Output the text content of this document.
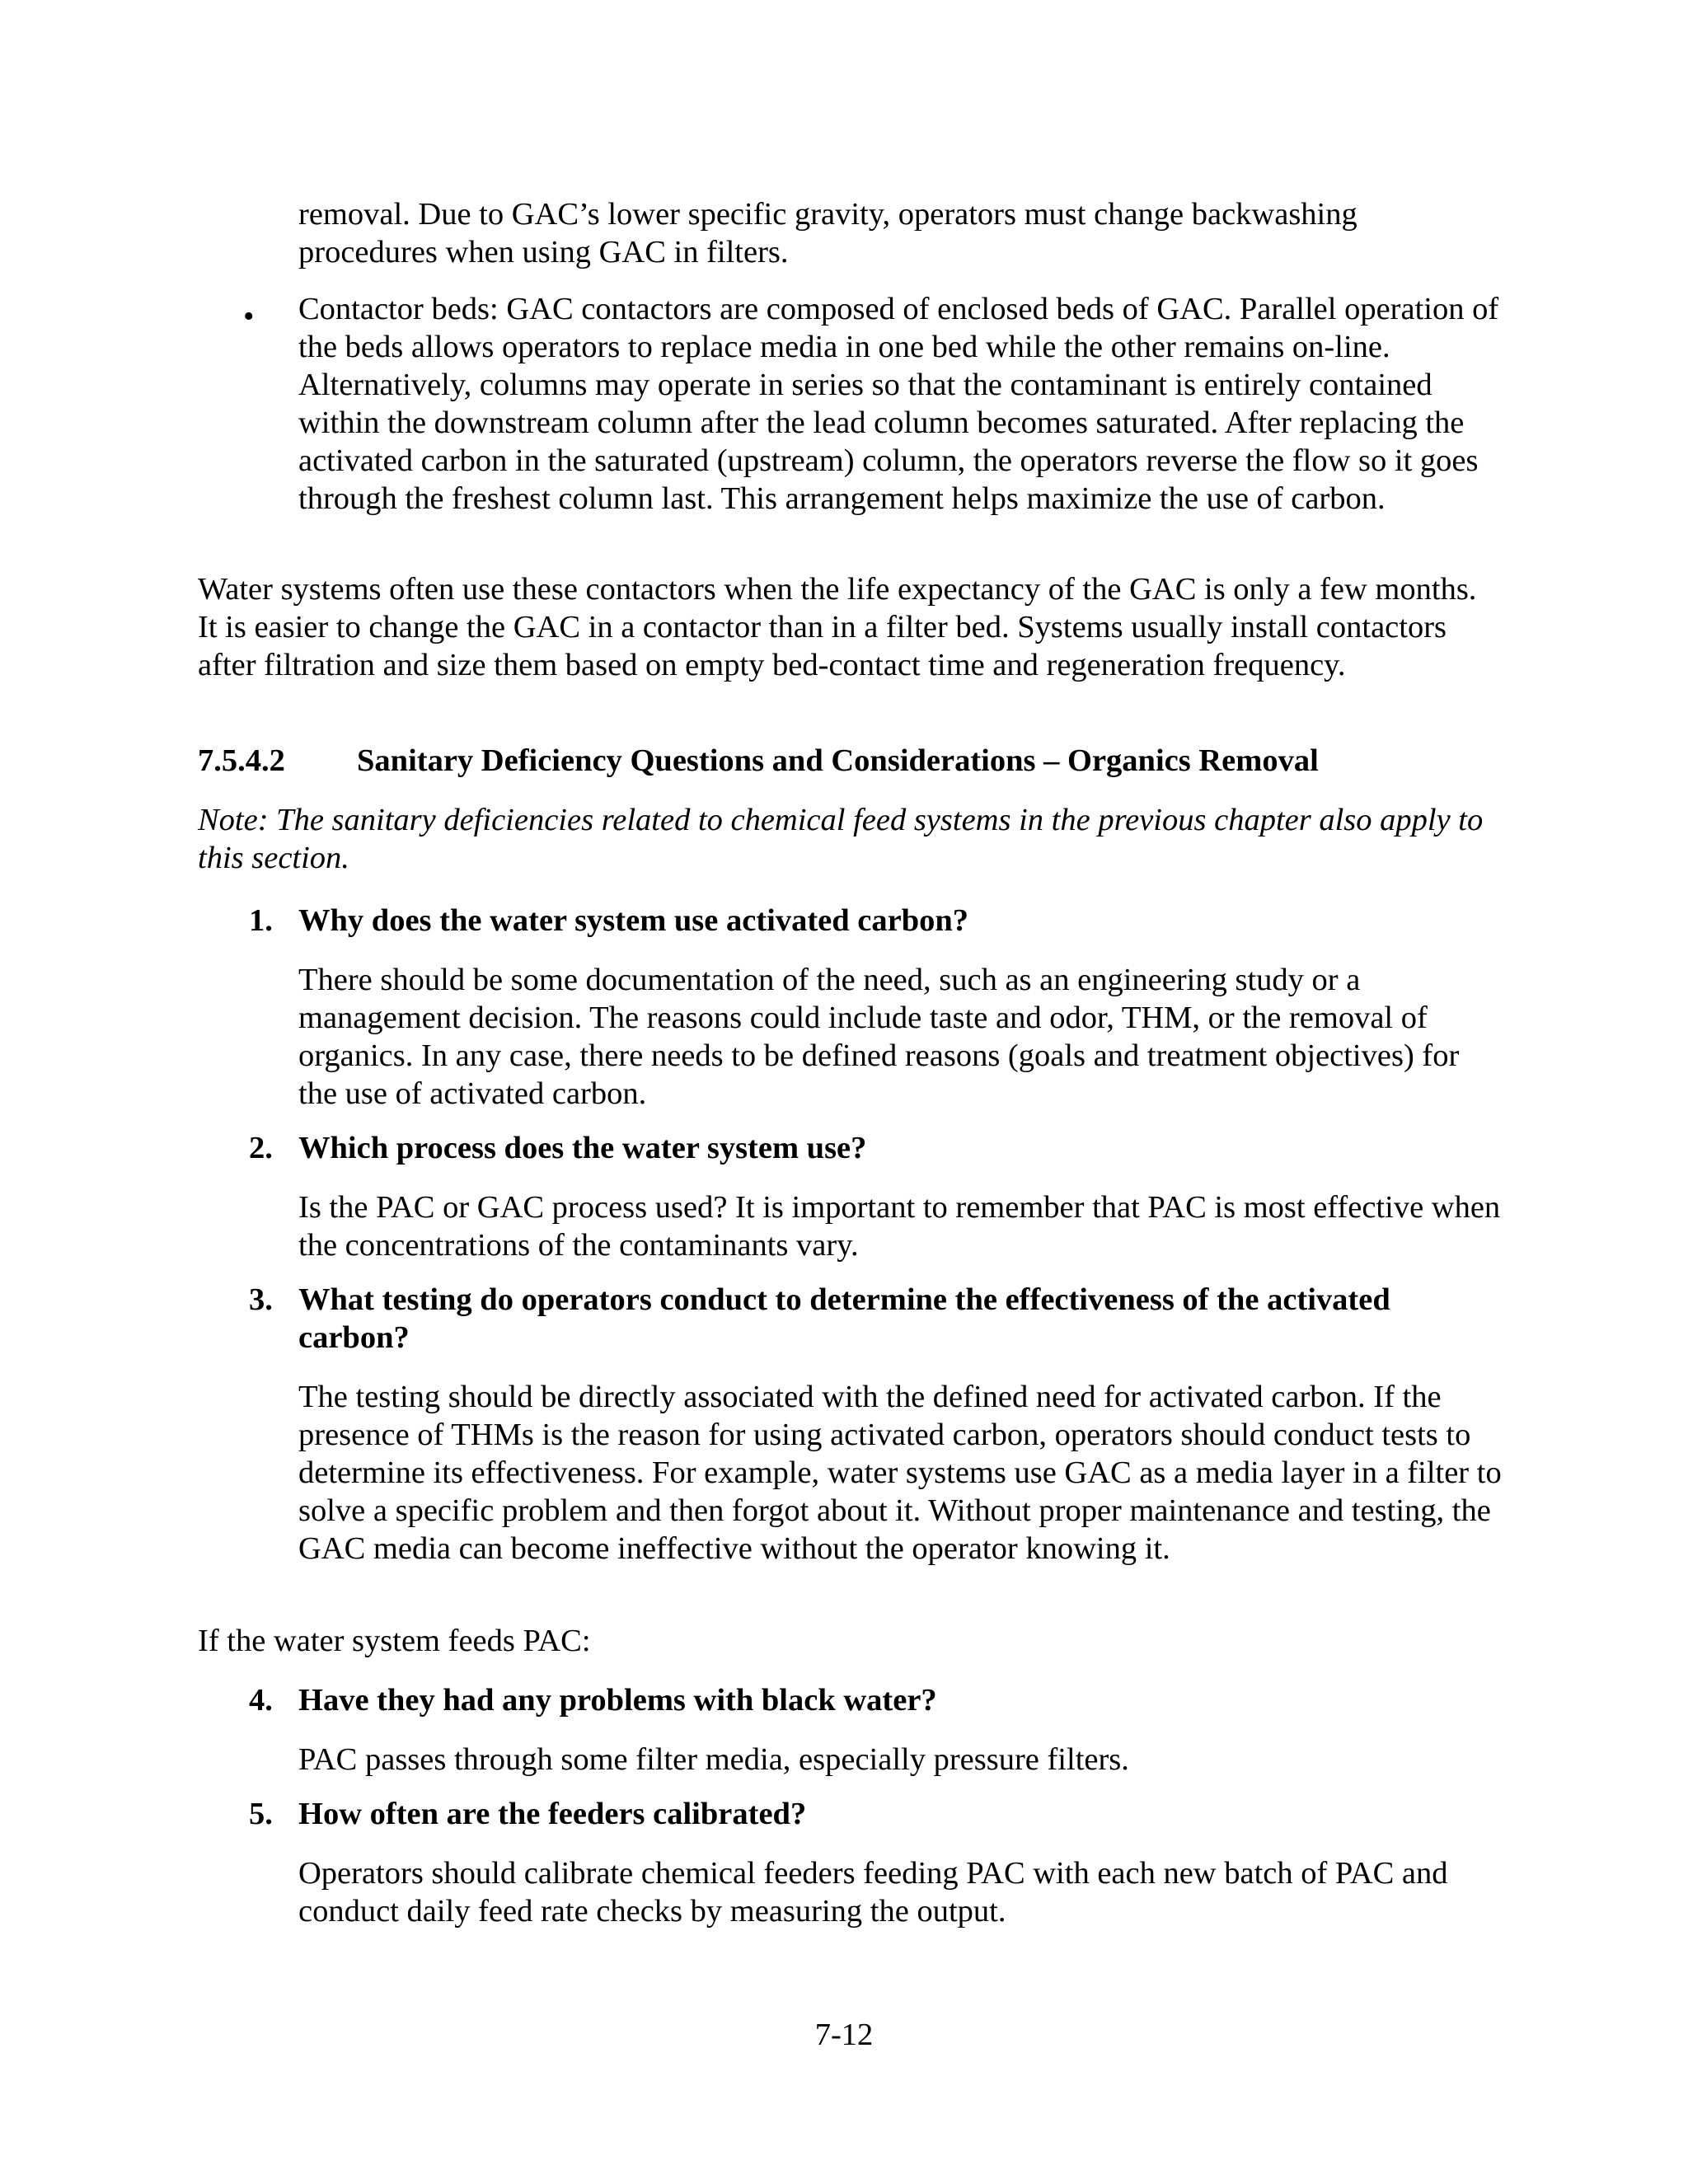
removal. Due to GAC’s lower specific gravity, operators must change backwashing procedures when using GAC in filters.

• Contactor beds: GAC contactors are composed of enclosed beds of GAC. Parallel operation of the beds allows operators to replace media in one bed while the other remains on-line. Alternatively, columns may operate in series so that the contaminant is entirely contained within the downstream column after the lead column becomes saturated. After replacing the activated carbon in the saturated (upstream) column, the operators reverse the flow so it goes through the freshest column last. This arrangement helps maximize the use of carbon.

Water systems often use these contactors when the life expectancy of the GAC is only a few months. It is easier to change the GAC in a contactor than in a filter bed. Systems usually install contactors after filtration and size them based on empty bed-contact time and regeneration frequency.

7.5.4.2 Sanitary Deficiency Questions and Considerations – Organics Removal

Note: The sanitary deficiencies related to chemical feed systems in the previous chapter also apply to this section.

1. Why does the water system use activated carbon?

There should be some documentation of the need, such as an engineering study or a management decision. The reasons could include taste and odor, THM, or the removal of organics. In any case, there needs to be defined reasons (goals and treatment objectives) for the use of activated carbon.

2. Which process does the water system use?

Is the PAC or GAC process used? It is important to remember that PAC is most effective when the concentrations of the contaminants vary.

3. What testing do operators conduct to determine the effectiveness of the activated carbon?

The testing should be directly associated with the defined need for activated carbon. If the presence of THMs is the reason for using activated carbon, operators should conduct tests to determine its effectiveness. For example, water systems use GAC as a media layer in a filter to solve a specific problem and then forgot about it. Without proper maintenance and testing, the GAC media can become ineffective without the operator knowing it.

If the water system feeds PAC:

4. Have they had any problems with black water?

PAC passes through some filter media, especially pressure filters.

5. How often are the feeders calibrated?

Operators should calibrate chemical feeders feeding PAC with each new batch of PAC and conduct daily feed rate checks by measuring the output.

7-12
